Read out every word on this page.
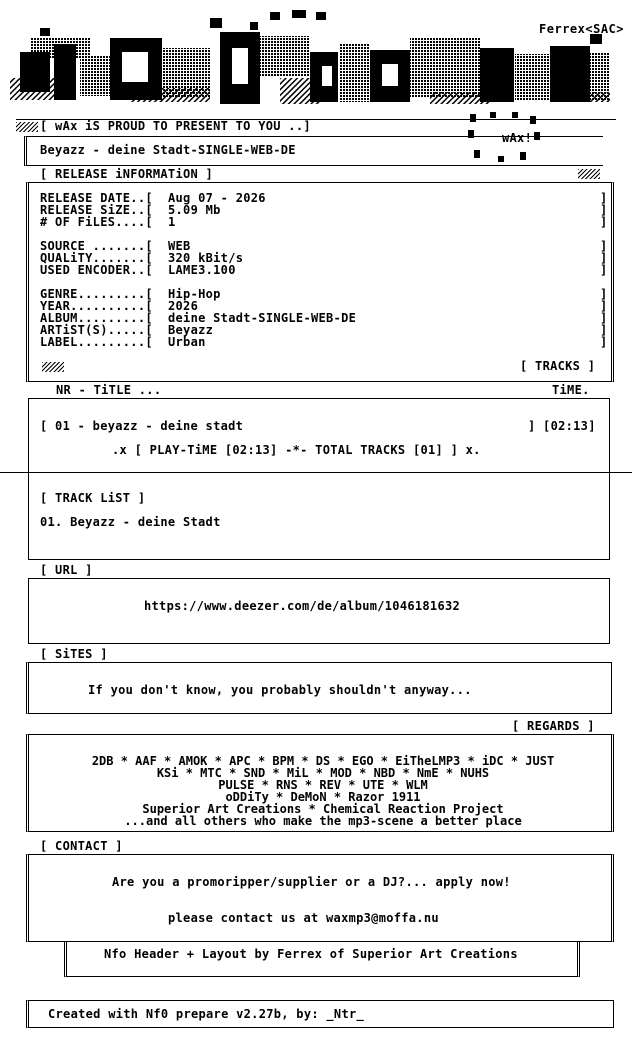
Ferrex<SAC>
[ wAx iS PROUD TO PRESENT TO YOU ..]
wAx!
Beyazz - deine Stadt-SINGLE-WEB-DE
[ RELEASE iNFORMATiON ]
RELEASE DATE..[ Aug 07 - 2026	]
RELEASE SiZE..[ 5.09 Mb	]
# OF FiLES....[ 1	]
SOURCE .......[ WEB	]
QUALiTY.......[ 320 kBit/s	]
USED ENCODER..[ LAME3.100	]
GENRE.........[ Hip-Hop	]
YEAR..........[ 2026	]
ALBUM.........[ deine Stadt-SINGLE-WEB-DE	]
ARTiST(S).....[ Beyazz	]
LABEL.........[ Urban	]
[ TRACKS ]
NR - TiTLE ...	TiME.
[ 01 - beyazz - deine stadt	] [02:13]
.x [ PLAY-TiME [02:13] -*- TOTAL TRACKS [01] ] x.
[ TRACK LiST ]
01. Beyazz - deine Stadt
[ URL ]
https://www.deezer.com/de/album/1046181632
[ SiTES ]
If you don't know, you probably shouldn't anyway...
[ REGARDS ]
2DB * AAF * AMOK * APC * BPM * DS * EGO * EiTheLMP3 * iDC * JUST
KSi * MTC * SND * MiL * MOD * NBD * NmE * NUHS
PULSE * RNS * REV * UTE * WLM
oDDiTy * DeMoN * Razor 1911
Superior Art Creations * Chemical Reaction Project
...and all others who make the mp3-scene a better place
[ CONTACT ]
Are you a promoripper/supplier or a DJ?... apply now!
please contact us at waxmp3@moffa.nu
Nfo Header + Layout by Ferrex of Superior Art Creations
Created with Nf0 prepare v2.27b, by: _Ntr_
